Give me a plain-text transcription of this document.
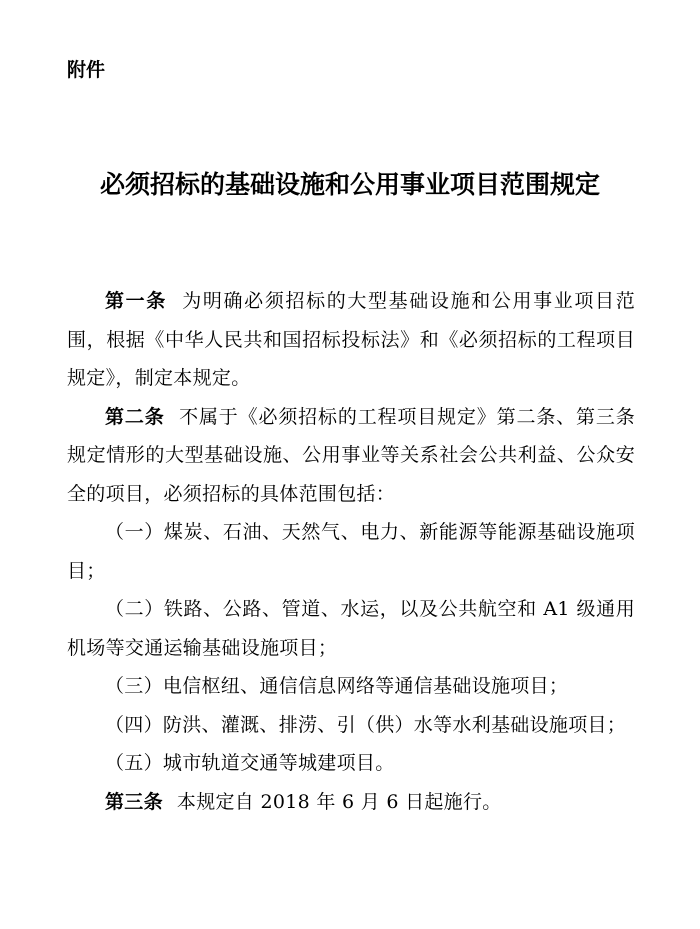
附件

必须招标的基础设施和公用事业项目范围规定

第一条 为明确必须招标的大型基础设施和公用事业项目范围，根据《中华人民共和国招标投标法》和《必须招标的工程项目规定》，制定本规定。

第二条 不属于《必须招标的工程项目规定》第二条、第三条规定情形的大型基础设施、公用事业等关系社会公共利益、公众安全的项目，必须招标的具体范围包括：

（一）煤炭、石油、天然气、电力、新能源等能源基础设施项目；

（二）铁路、公路、管道、水运，以及公共航空和 A1 级通用机场等交通运输基础设施项目；

（三）电信枢纽、通信信息网络等通信基础设施项目；

（四）防洪、灌溉、排涝、引（供）水等水利基础设施项目；

（五）城市轨道交通等城建项目。

第三条 本规定自 2018 年 6 月 6 日起施行。
